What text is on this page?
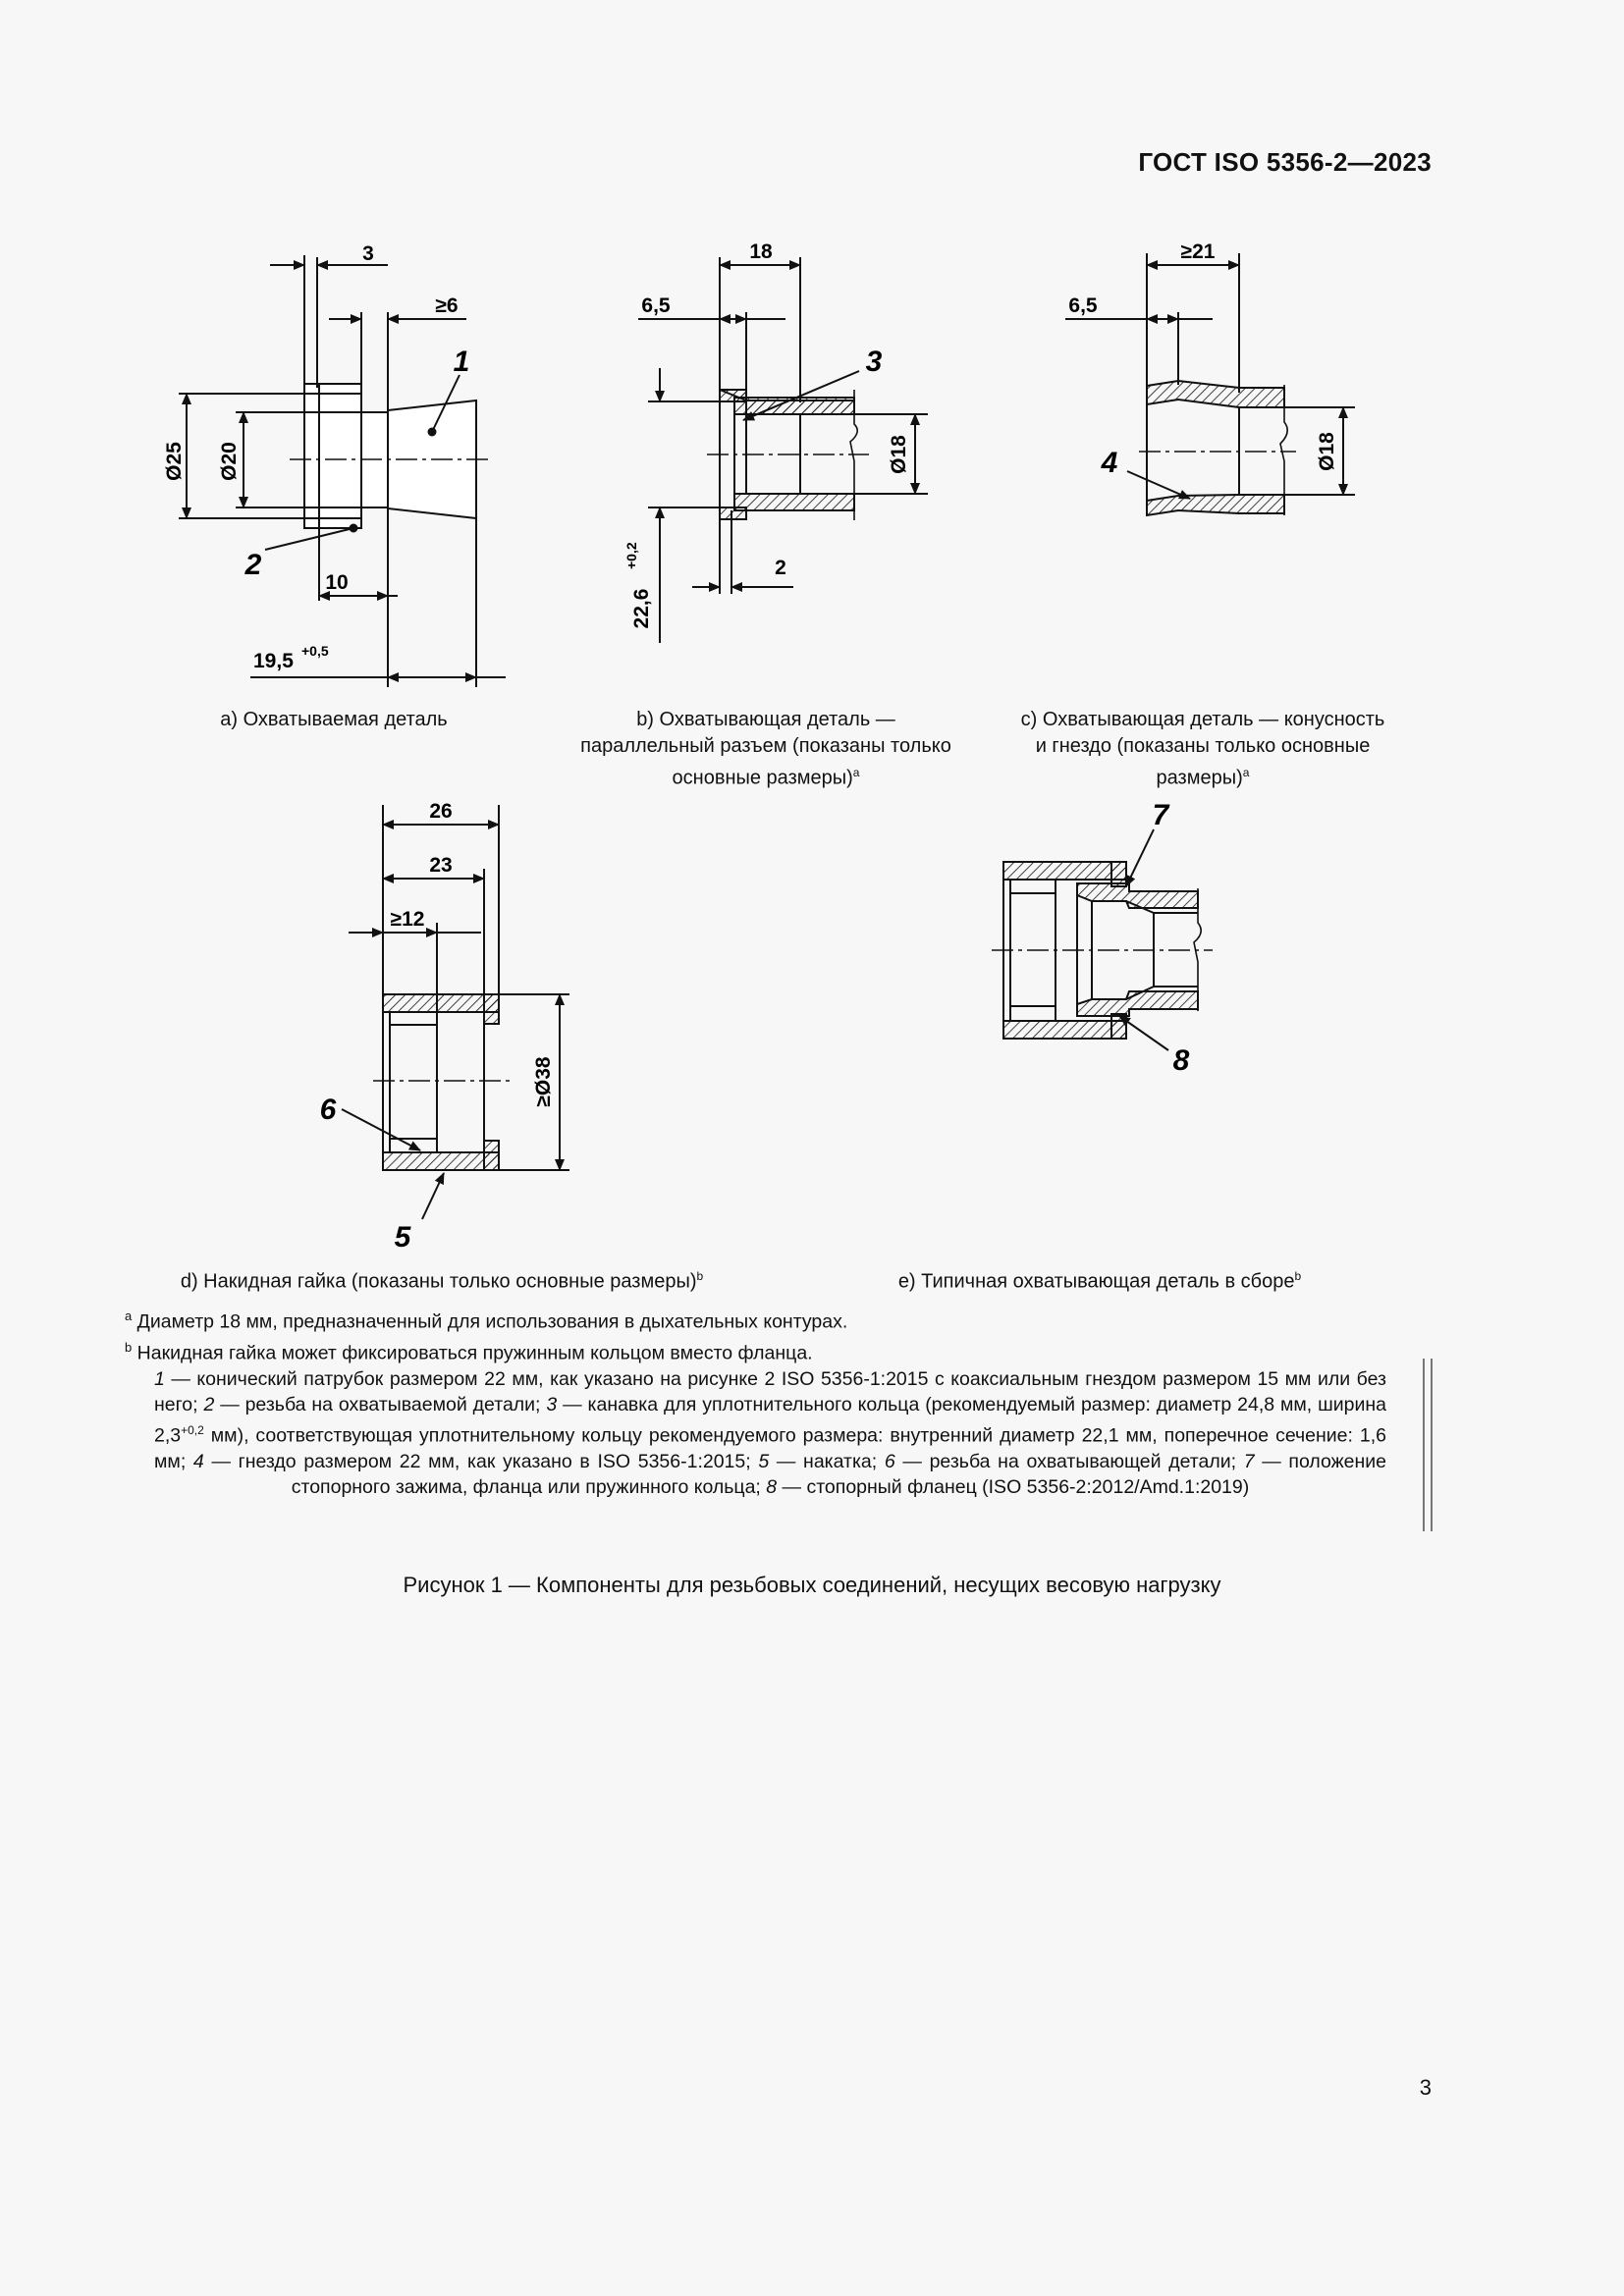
ГОСТ ISO 5356-2—2023
3
≥6
Ø25 Ø20
10
19,5 +0,5
1
2
18
6,5
Ø18
2
22,6
+0,2
3
≥21
6,5
Ø18
4
26
23
≥12
≥Ø38
6
5
7
8
a) Охватываемая деталь	b) Охватывающая деталь —
параллельный разъем (показаны только
основные размеры)$^a$
c) Охватывающая деталь — конусность
и гнездо (показаны только основные
размеры)$^a$
d) Накидная гайка (показаны только основные размеры)$^b$	e) Типичная охватывающая деталь в сборе$^b$
$^a$ Диаметр 18 мм, предназначенный для использования в дыхательных контурах.
$^b$ Накидная гайка может фиксироваться пружинным кольцом вместо фланца.
1 — конический патрубок размером 22 мм, как указано на рисунке 2 ISO 5356-1:2015 с коаксиальным гнездом размером 15 мм или без него; 2 — резьба на охватываемой детали; 3 — канавка для уплотнительного кольца (рекомендуемый размер: диаметр 24,8 мм, ширина $2,3^{+0,2}$ мм), соответствующая уплотнительному кольцу рекомендуемого размера: внутренний диаметр 22,1 мм, поперечное сечение: 1,6 мм; 4 — гнездо размером 22 мм, как указано в ISO 5356-1:2015; 5 — накатка; 6 — резьба на охватывающей детали; 7 — положение стопорного зажима, фланца или пружинного кольца; 8 — стопорный фланец (ISO 5356-2:2012/Amd.1:2019)
Рисунок 1 — Компоненты для резьбовых соединений, несущих весовую нагрузку
3
